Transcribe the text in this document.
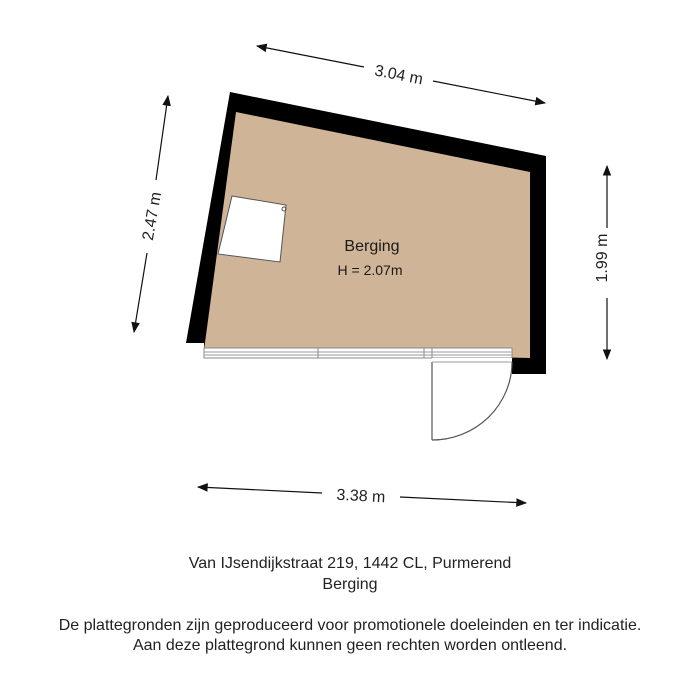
Berging
H = 2.07m
3.04 m
2.47 m
1.99 m
3.38 m
Van IJsendijkstraat 219, 1442 CL, Purmerend
Berging
De plattegronden zijn geproduceerd voor promotionele doeleinden en ter indicatie.
Aan deze plattegrond kunnen geen rechten worden ontleend.
